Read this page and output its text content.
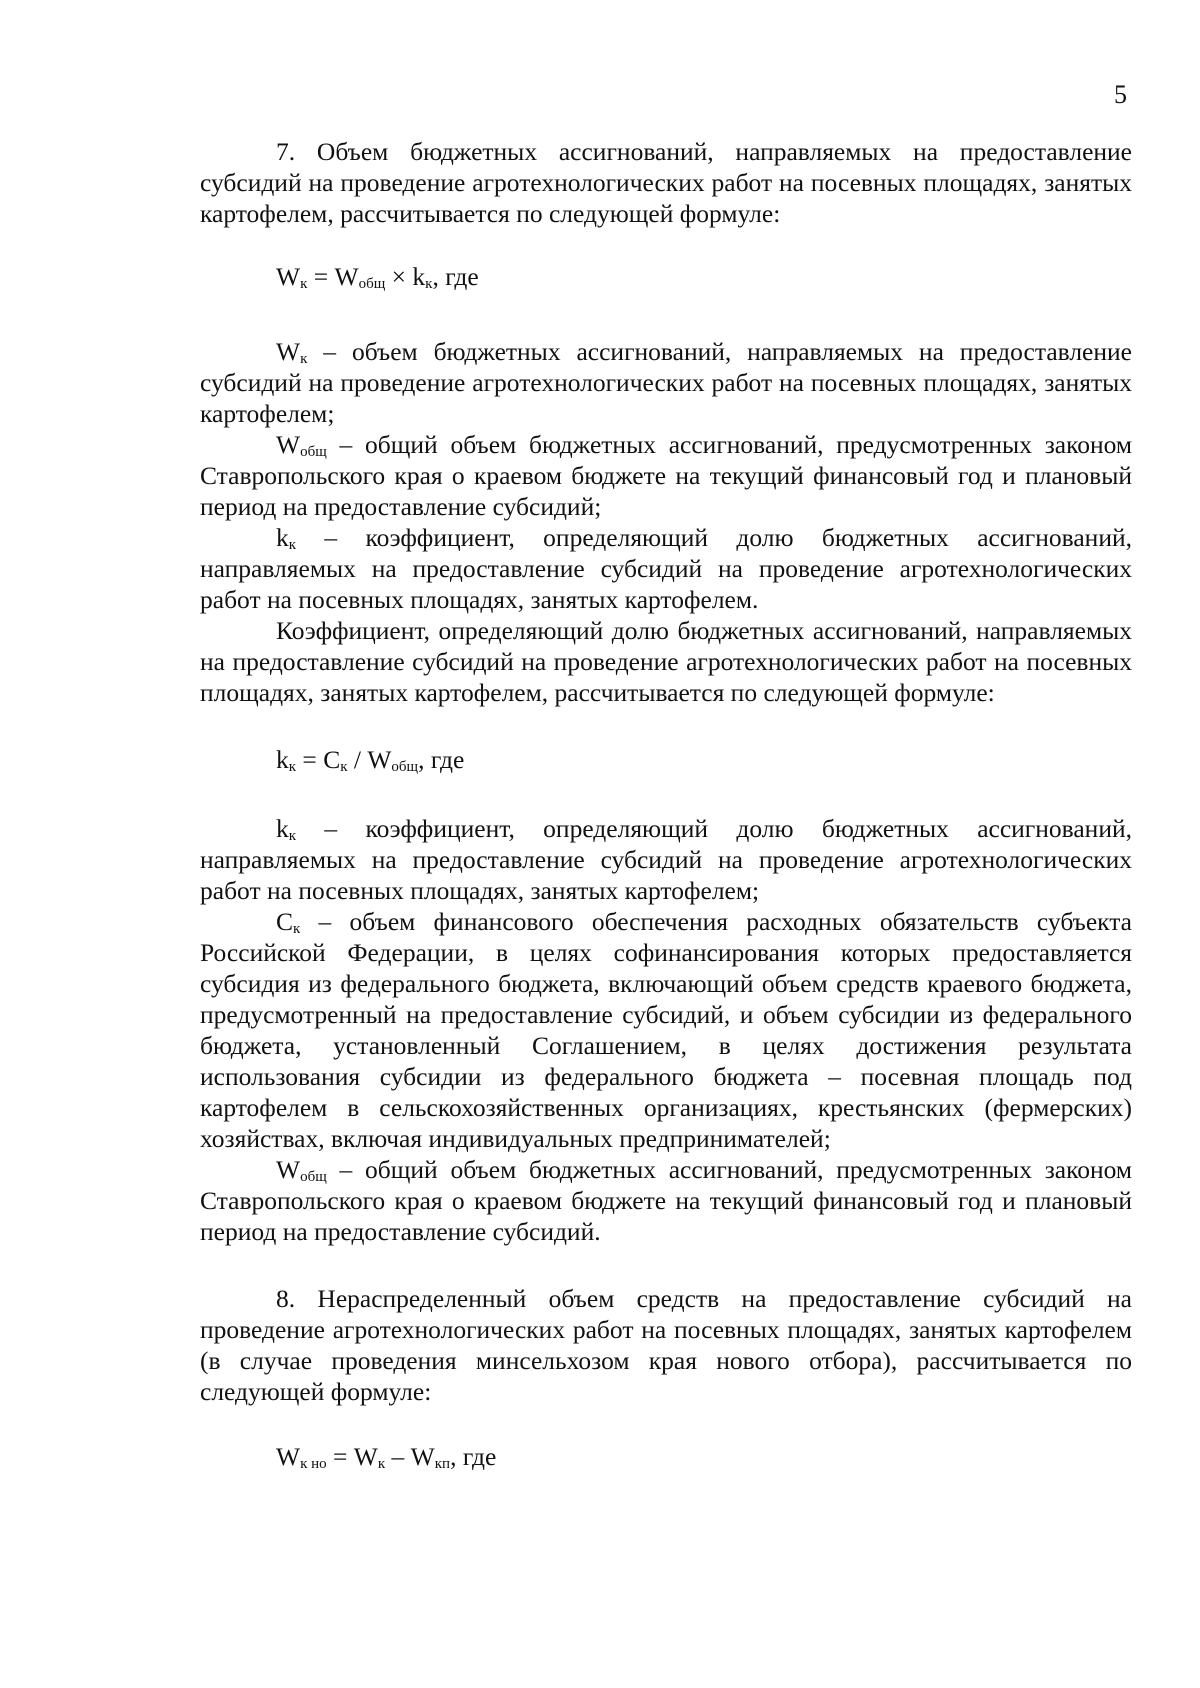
5

7. Объем бюджетных ассигнований, направляемых на предоставление субсидий на проведение агротехнологических работ на посевных площадях, занятых картофелем, рассчитывается по следующей формуле:

$W_к = W_{общ} \times k_к$, где

$W_к$ – объем бюджетных ассигнований, направляемых на предоставление субсидий на проведение агротехнологических работ на посевных площадях, занятых картофелем;

$W_{общ}$ – общий объем бюджетных ассигнований, предусмотренных законом Ставропольского края о краевом бюджете на текущий финансовый год и плановый период на предоставление субсидий;

$k_к$ – коэффициент, определяющий долю бюджетных ассигнований, направляемых на предоставление субсидий на проведение агротехнологических работ на посевных площадях, занятых картофелем.

Коэффициент, определяющий долю бюджетных ассигнований, направляемых на предоставление субсидий на проведение агротехнологических работ на посевных площадях, занятых картофелем, рассчитывается по следующей формуле:

$k_к = C_к / W_{общ}$, где

$k_к$ – коэффициент, определяющий долю бюджетных ассигнований, направляемых на предоставление субсидий на проведение агротехнологических работ на посевных площадях, занятых картофелем;

$C_к$ – объем финансового обеспечения расходных обязательств субъекта Российской Федерации, в целях софинансирования которых предоставляется субсидия из федерального бюджета, включающий объем средств краевого бюджета, предусмотренный на предоставление субсидий, и объем субсидии из федерального бюджета, установленный Соглашением, в целях достижения результата использования субсидии из федерального бюджета – посевная площадь под картофелем в сельскохозяйственных организациях, крестьянских (фермерских) хозяйствах, включая индивидуальных предпринимателей;

$W_{общ}$ – общий объем бюджетных ассигнований, предусмотренных законом Ставропольского края о краевом бюджете на текущий финансовый год и плановый период на предоставление субсидий.

8. Нераспределенный объем средств на предоставление субсидий на проведение агротехнологических работ на посевных площадях, занятых картофелем (в случае проведения минсельхозом края нового отбора), рассчитывается по следующей формуле:

$W_{к но} = W_к - W_{кп}$, где
